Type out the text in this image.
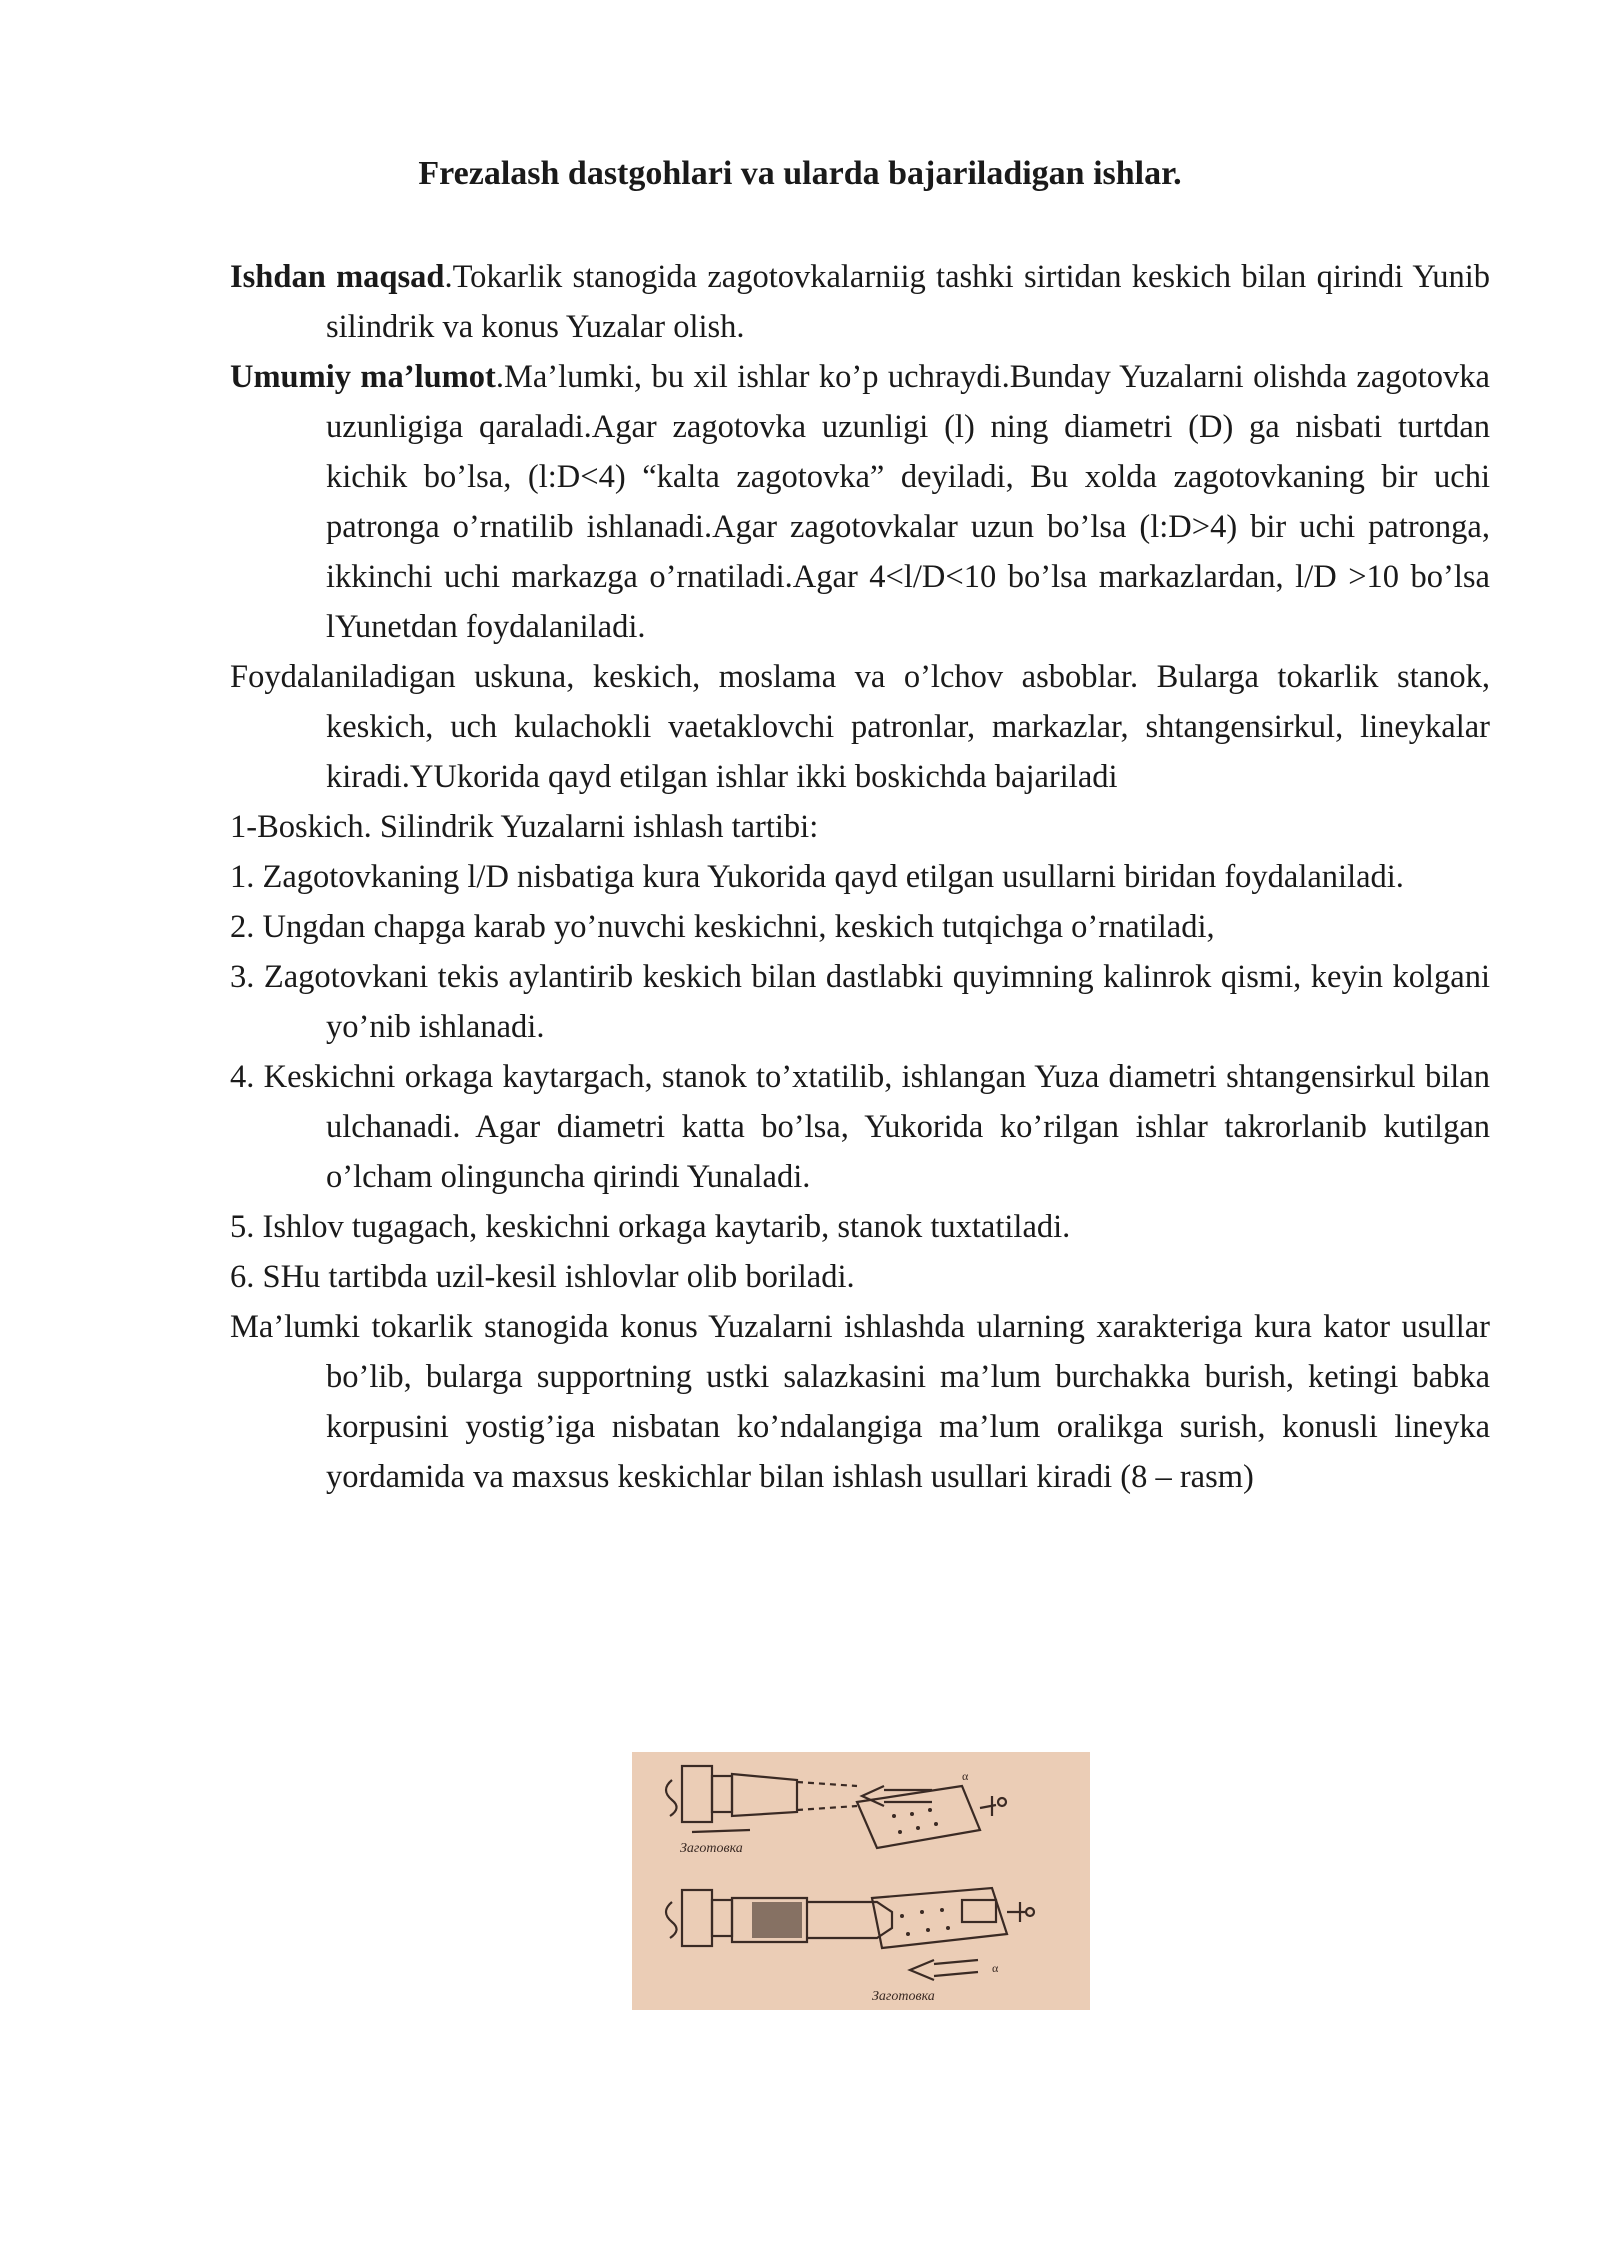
Frezalash dastgohlari va ularda bajariladigan ishlar.

Ishdan maqsad.Tokarlik stanogida zagotovkalarniig tashki sirtidan keskich bilan qirindi Yunib silindrik va konus Yuzalar olish.

Umumiy ma’lumot.Ma’lumki, bu xil ishlar ko’p uchraydi.Bunday Yuzalarni olishda zagotovka uzunligiga qaraladi.Agar zagotovka uzunligi (l) ning diametri (D) ga nisbati turtdan kichik bo’lsa, (l:D<4) “kalta zagotovka” deyiladi, Bu xolda zagotovkaning bir uchi patronga o’rnatilib ishlanadi.Agar zagotovkalar uzun bo’lsa (l:D>4) bir uchi patronga, ikkinchi uchi markazga o’rnatiladi.Agar 4<l/D<10 bo’lsa markazlardan, l/D >10 bo’lsa lYunetdan foydalaniladi.

Foydalaniladigan uskuna, keskich, moslama va o’lchov asboblar. Bularga tokarlik stanok, keskich, uch kulachokli vaetaklovchi patronlar, markazlar, shtangensirkul, lineykalar kiradi.YUkorida qayd etilgan ishlar ikki boskichda bajariladi

1-Boskich. Silindrik Yuzalarni ishlash tartibi:

1. Zagotovkaning l/D nisbatiga kura Yukorida qayd etilgan usullarni biridan foydalaniladi.

2. Ungdan chapga karab yo’nuvchi keskichni, keskich tutqichga o’rnatiladi,

3. Zagotovkani tekis aylantirib keskich bilan dastlabki quyimning kalinrok qismi, keyin kolgani yo’nib ishlanadi.

4. Keskichni orkaga kaytargach, stanok to’xtatilib, ishlangan Yuza diametri shtangensirkul bilan ulchanadi. Agar diametri katta bo’lsa, Yukorida ko’rilgan ishlar takrorlanib kutilgan o’lcham olinguncha qirindi Yunaladi.

5. Ishlov tugagach, keskichni orkaga kaytarib, stanok tuxtatiladi.

6. SHu tartibda uzil-kesil ishlovlar olib boriladi.

Ma’lumki tokarlik stanogida konus Yuzalarni ishlashda ularning xarakteriga kura kator usullar bo’lib, bularga supportning ustki salazkasini ma’lum burchakka burish, ketingi babka korpusini yostig’iga nisbatan ko’ndalangiga ma’lum oralikga surish, konusli lineyka yordamida va maxsus keskichlar bilan ishlash usullari kiradi (8 – rasm)

Заготовка
α
Заготовка
α
